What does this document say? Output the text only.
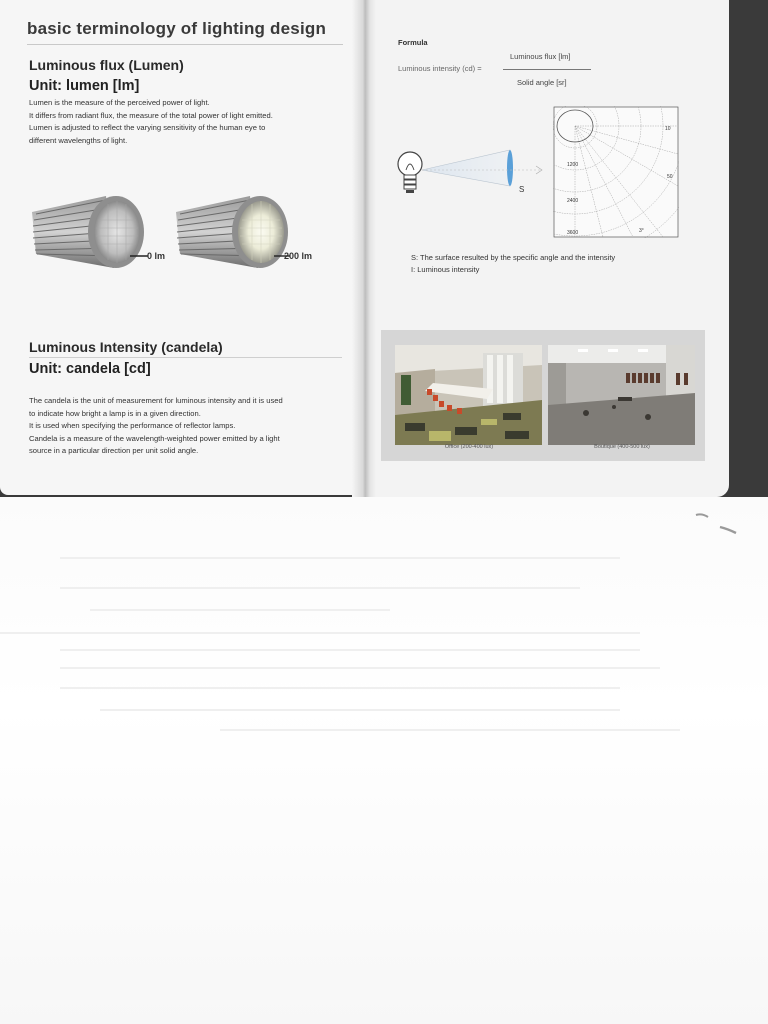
basic terminology of lighting design
Luminous flux (Lumen)
Unit: lumen [lm]

Lumen is the measure of the perceived power of light.

It differs from radiant flux, the measure of the total power of light emitted.

Lumen is adjusted to reflect the varying sensitivity of the human eye to

different wavelengths of light.

0 lm	200 lm
Luminous Intensity (candela)
Unit: candela [cd]

The candela is the unit of measurement for luminous intensity and it is used

to indicate how bright a lamp is in a given direction.

It is used when specifying the performance of reflector lamps.

Candela is a measure of the wavelength-weighted power emitted by a light

source in a particular direction per unit solid angle.

Formula
Luminous intensity (cd) =
Luminous flux [lm]
Solid angle [sr]
S
10
1200
50
2400
3600	3°
S: The surface resulted by the specific angle and the intensity
I: Luminous intensity
Office (200-400 lux)	Boutique (400-500 lux)
